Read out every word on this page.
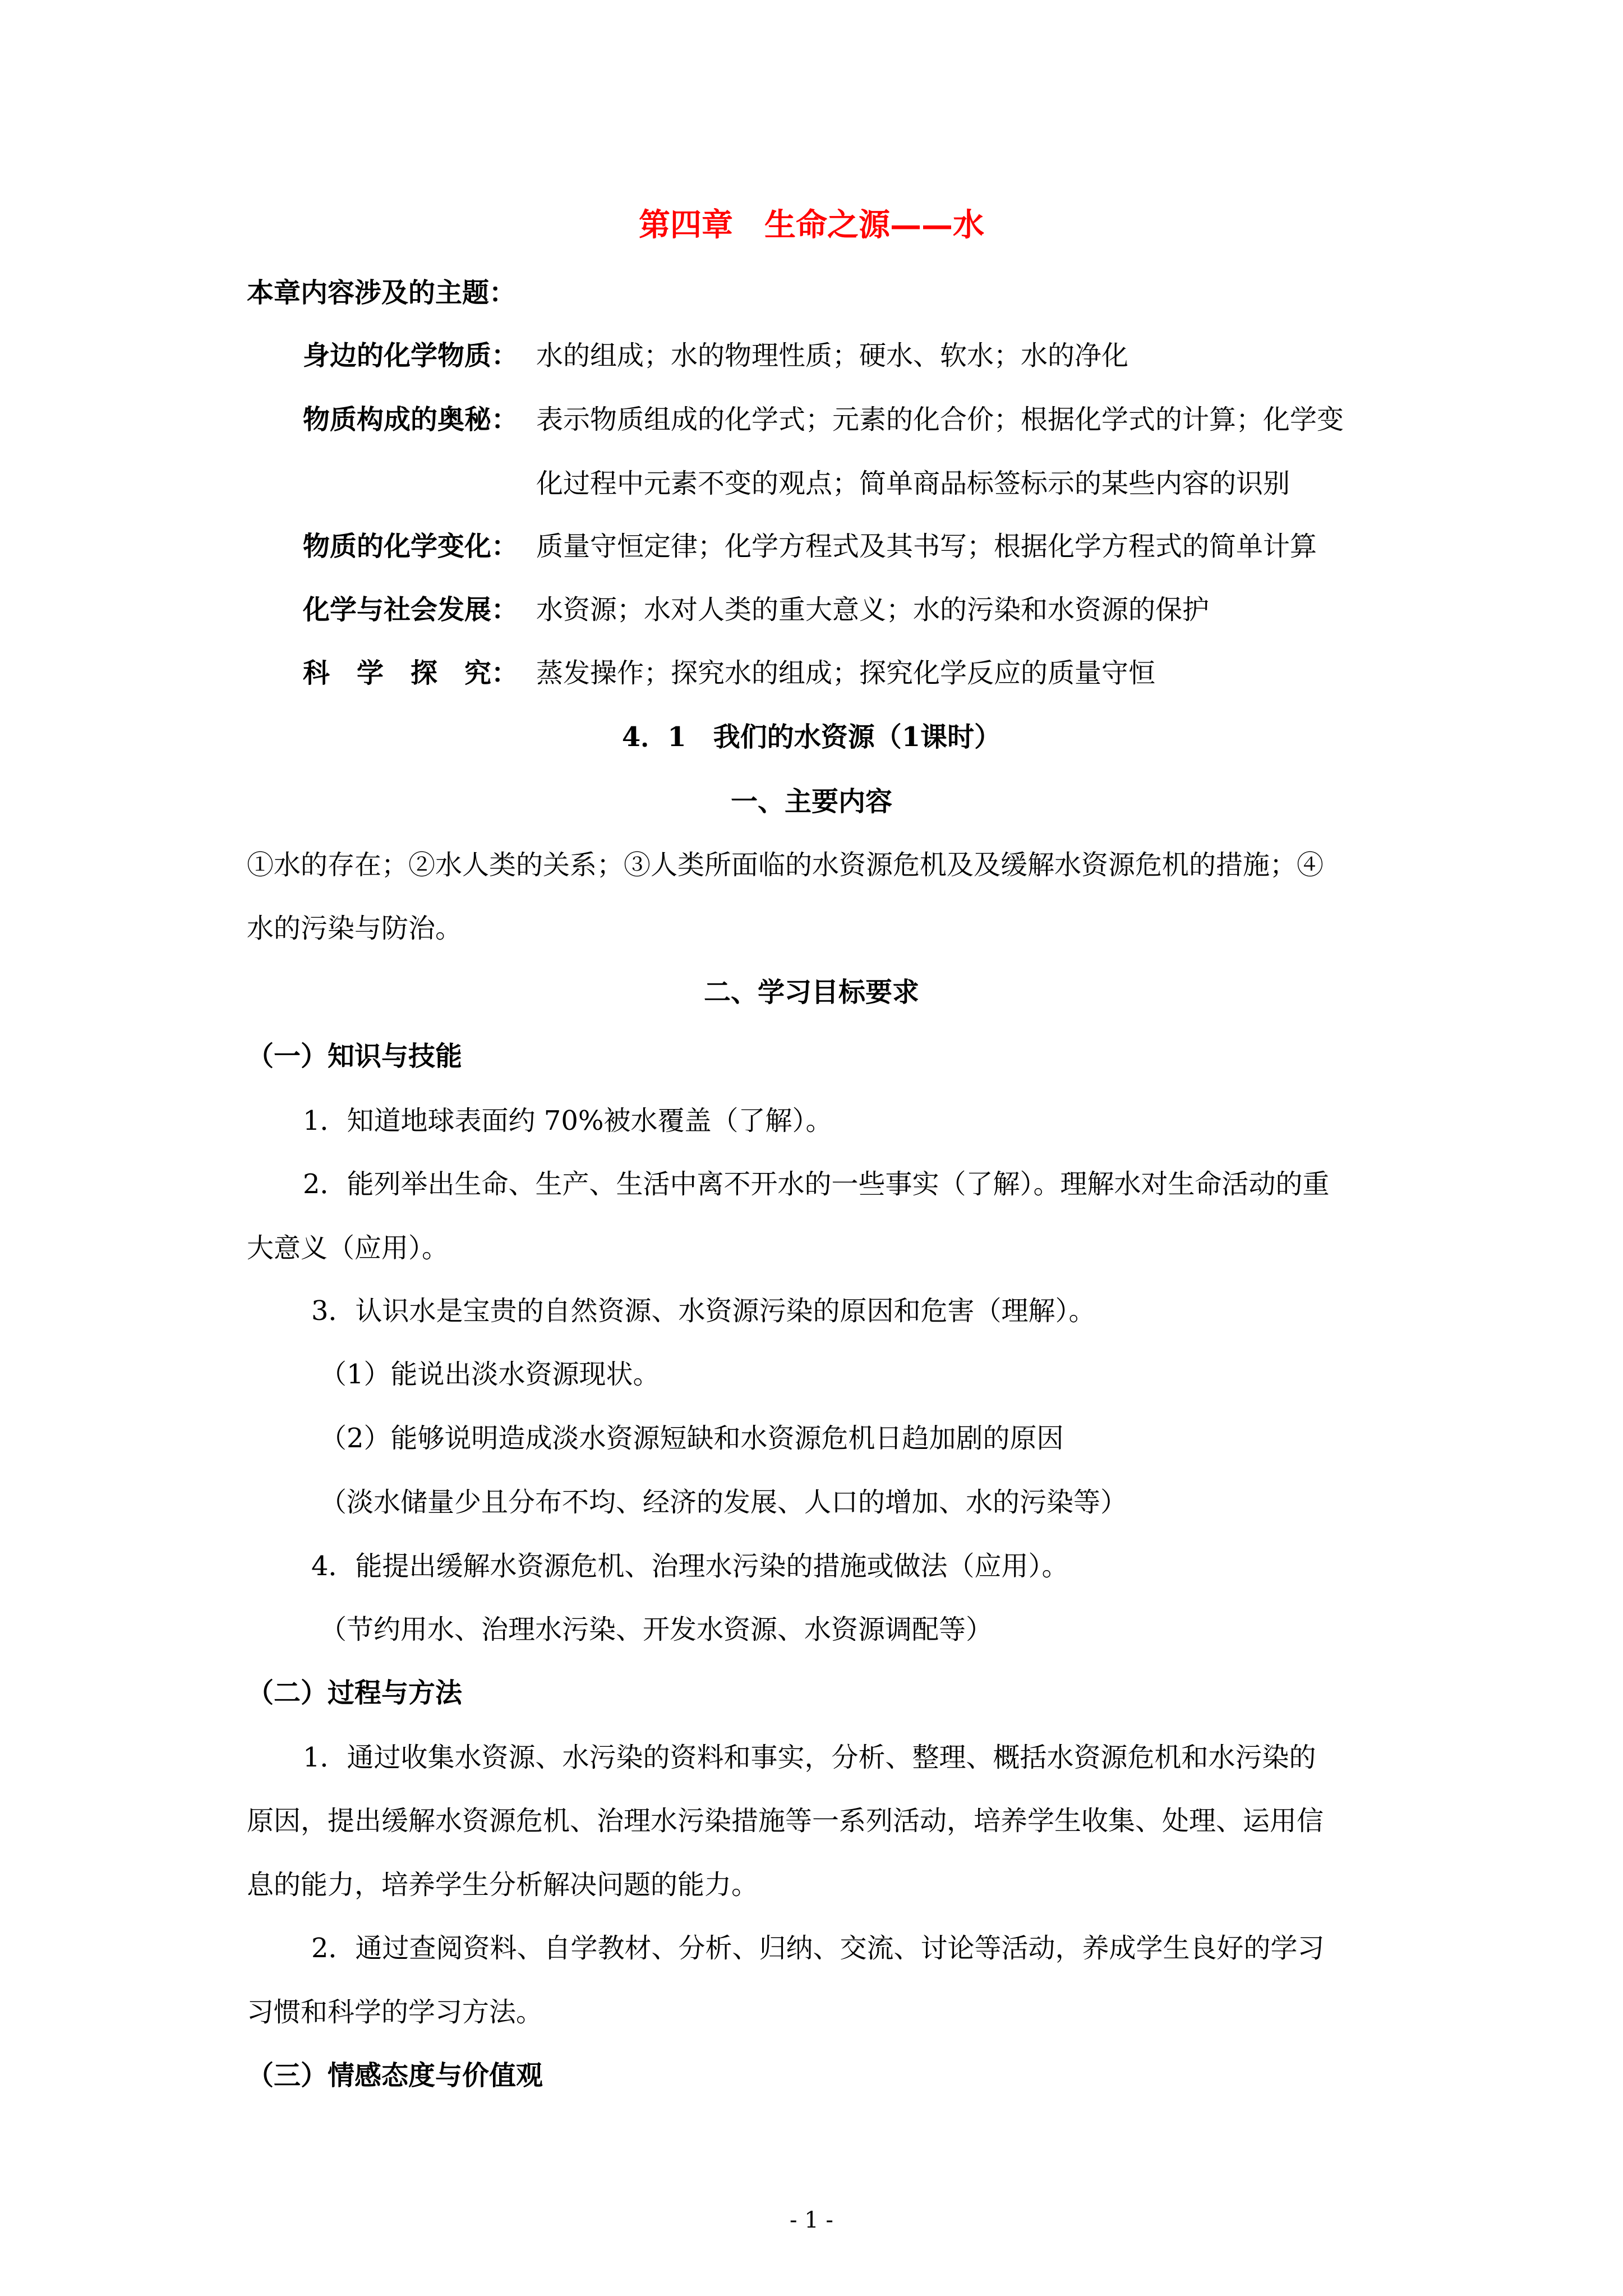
第四章　生命之源——水
本章内容涉及的主题：
身边的化学物质： 水的组成；水的物理性质；硬水、软水；水的净化
物质构成的奥秘： 表示物质组成的化学式；元素的化合价；根据化学式的计算；化学变
化过程中元素不变的观点；简单商品标签标示的某些内容的识别
物质的化学变化： 质量守恒定律；化学方程式及其书写；根据化学方程式的简单计算
化学与社会发展： 水资源；水对人类的重大意义；水的污染和水资源的保护
科　学　探　究： 蒸发操作；探究水的组成；探究化学反应的质量守恒
4．1　我们的水资源（1课时）
一、主要内容
①水的存在；②水人类的关系；③人类所面临的水资源危机及及缓解水资源危机的措施；④
水的污染与防治。
二、学习目标要求
（一）知识与技能
1．知道地球表面约 70%被水覆盖（了解）。
2．能列举出生命、生产、生活中离不开水的一些事实（了解）。理解水对生命活动的重
大意义（应用）。
3．认识水是宝贵的自然资源、水资源污染的原因和危害（理解）。
（1）能说出淡水资源现状。
（2）能够说明造成淡水资源短缺和水资源危机日趋加剧的原因
（淡水储量少且分布不均、经济的发展、人口的增加、水的污染等）
4．能提出缓解水资源危机、治理水污染的措施或做法（应用）。
（节约用水、治理水污染、开发水资源、水资源调配等）
（二）过程与方法
1．通过收集水资源、水污染的资料和事实，分析、整理、概括水资源危机和水污染的
原因，提出缓解水资源危机、治理水污染措施等一系列活动，培养学生收集、处理、运用信
息的能力，培养学生分析解决问题的能力。
2．通过查阅资料、自学教材、分析、归纳、交流、讨论等活动，养成学生良好的学习
习惯和科学的学习方法。
（三）情感态度与价值观
- 1 -
